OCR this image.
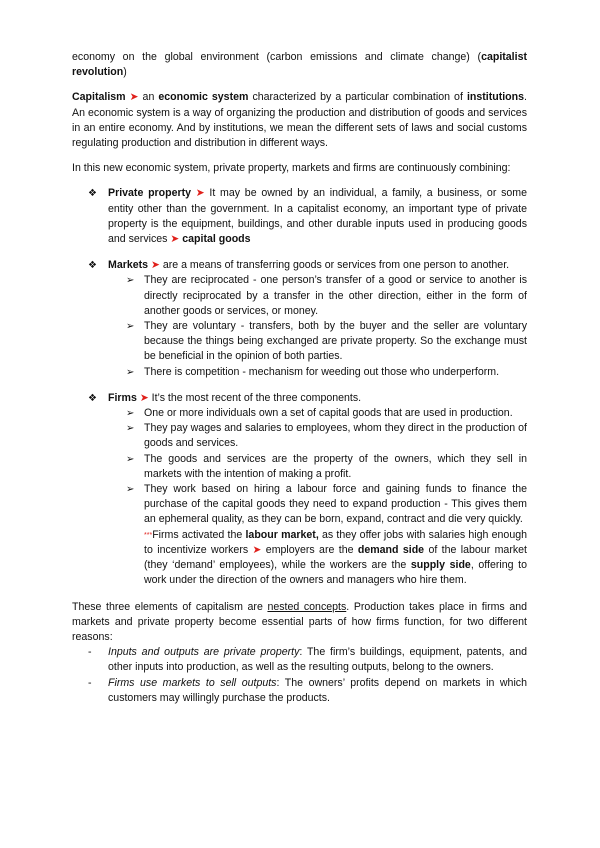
economy on the global environment (carbon emissions and climate change) (capitalist revolution)

Capitalism ➤ an economic system characterized by a particular combination of institutions. An economic system is a way of organizing the production and distribution of goods and services in an entire economy. And by institutions, we mean the different sets of laws and social customs regulating production and distribution in different ways.

In this new economic system, private property, markets and firms are continuously combining:

❖ Private property ➤ It may be owned by an individual, a family, a business, or some entity other than the government. In a capitalist economy, an important type of private property is the equipment, buildings, and other durable inputs used in producing goods and services ➤ capital goods
❖ Markets ➤ are a means of transferring goods or services from one person to another.
➢ They are reciprocated - one person’s transfer of a good or service to another is directly reciprocated by a transfer in the other direction, either in the form of another goods or services, or money.
➢ They are voluntary - transfers, both by the buyer and the seller are voluntary because the things being exchanged are private property. So the exchange must be beneficial in the opinion of both parties.
➢ There is competition - mechanism for weeding out those who underperform.
❖ Firms ➤ It’s the most recent of the three components.
➢ One or more individuals own a set of capital goods that are used in production.
➢ They pay wages and salaries to employees, whom they direct in the production of goods and services.
➢ The goods and services are the property of the owners, which they sell in markets with the intention of making a profit.
➢ They work based on hiring a labour force and gaining funds to finance the purchase of the capital goods they need to expand production - This gives them an ephemeral quality, as they can be born, expand, contract and die very quickly.
***Firms activated the labour market, as they offer jobs with salaries high enough to incentivize workers ➤ employers are the demand side of the labour market (they ‘demand’ employees), while the workers are the supply side, offering to work under the direction of the owners and managers who hire them.

These three elements of capitalism are nested concepts. Production takes place in firms and markets and private property become essential parts of how firms function, for two different reasons:

- Inputs and outputs are private property: The firm’s buildings, equipment, patents, and other inputs into production, as well as the resulting outputs, belong to the owners.
- Firms use markets to sell outputs: The owners’ profits depend on markets in which customers may willingly purchase the products.
